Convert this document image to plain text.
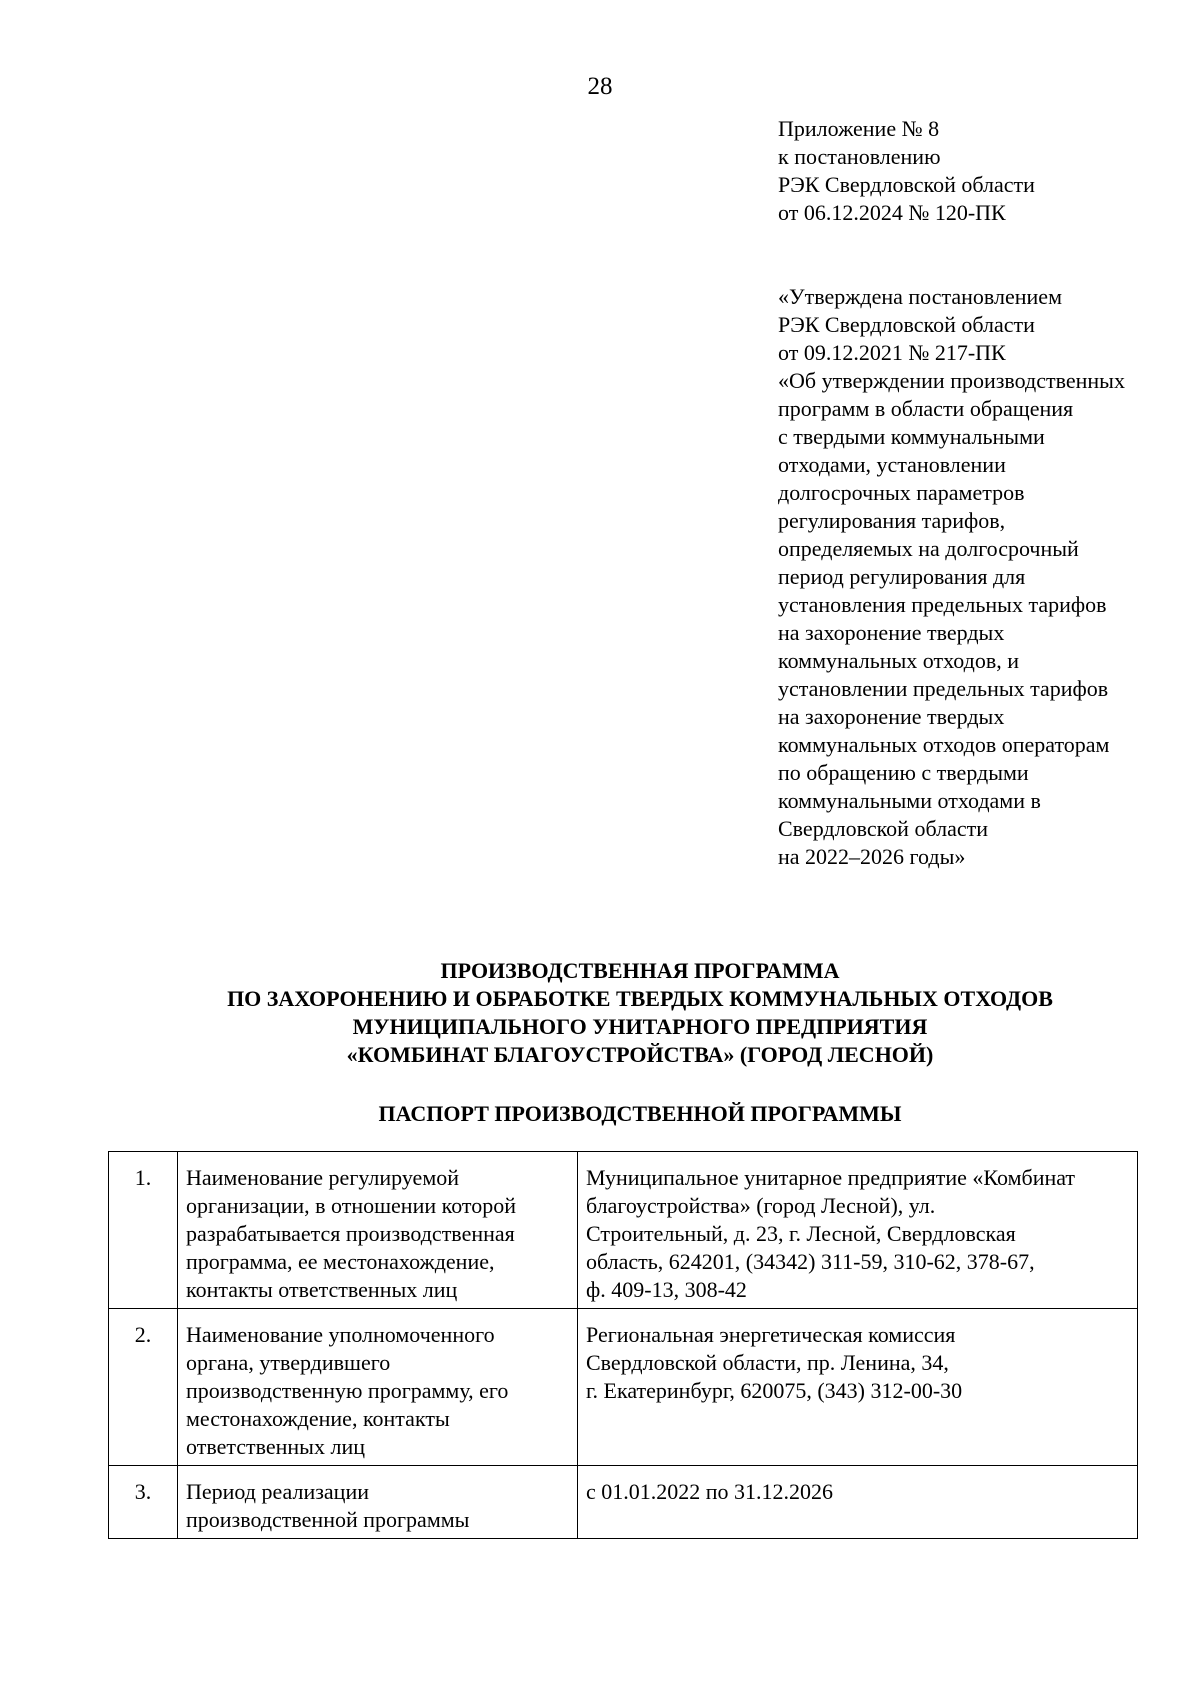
28
Приложение № 8
к постановлению
РЭК Свердловской области
от 06.12.2024 № 120-ПК
«Утверждена постановлением
РЭК Свердловской области
от 09.12.2021 № 217-ПК
«Об утверждении производственных
программ в области обращения
с твердыми коммунальными
отходами, установлении
долгосрочных параметров
регулирования тарифов,
определяемых на долгосрочный
период регулирования для
установления предельных тарифов
на захоронение твердых
коммунальных отходов, и
установлении предельных тарифов
на захоронение твердых
коммунальных отходов операторам
по обращению с твердыми
коммунальными отходами в
Свердловской области
на 2022–2026 годы»
ПРОИЗВОДСТВЕННАЯ ПРОГРАММА
ПО ЗАХОРОНЕНИЮ И ОБРАБОТКЕ ТВЕРДЫХ КОММУНАЛЬНЫХ ОТХОДОВ
МУНИЦИПАЛЬНОГО УНИТАРНОГО ПРЕДПРИЯТИЯ
«КОМБИНАТ БЛАГОУСТРОЙСТВА» (ГОРОД ЛЕСНОЙ)
ПАСПОРТ ПРОИЗВОДСТВЕННОЙ ПРОГРАММЫ
1.	Наименование регулируемой
организации, в отношении которой
разрабатывается производственная
программа, ее местонахождение,
контакты ответственных лиц	Муниципальное унитарное предприятие «Комбинат
благоустройства» (город Лесной), ул.
Строительный, д. 23, г. Лесной, Свердловская
область, 624201, (34342) 311-59, 310-62, 378-67,
ф. 409-13, 308-42

2.	Наименование уполномоченного
органа, утвердившего
производственную программу, его
местонахождение, контакты
ответственных лиц	Региональная энергетическая комиссия
Свердловской области, пр. Ленина, 34,
г. Екатеринбург, 620075, (343) 312-00-30

3.	Период реализации
производственной программы	с 01.01.2022 по 31.12.2026
